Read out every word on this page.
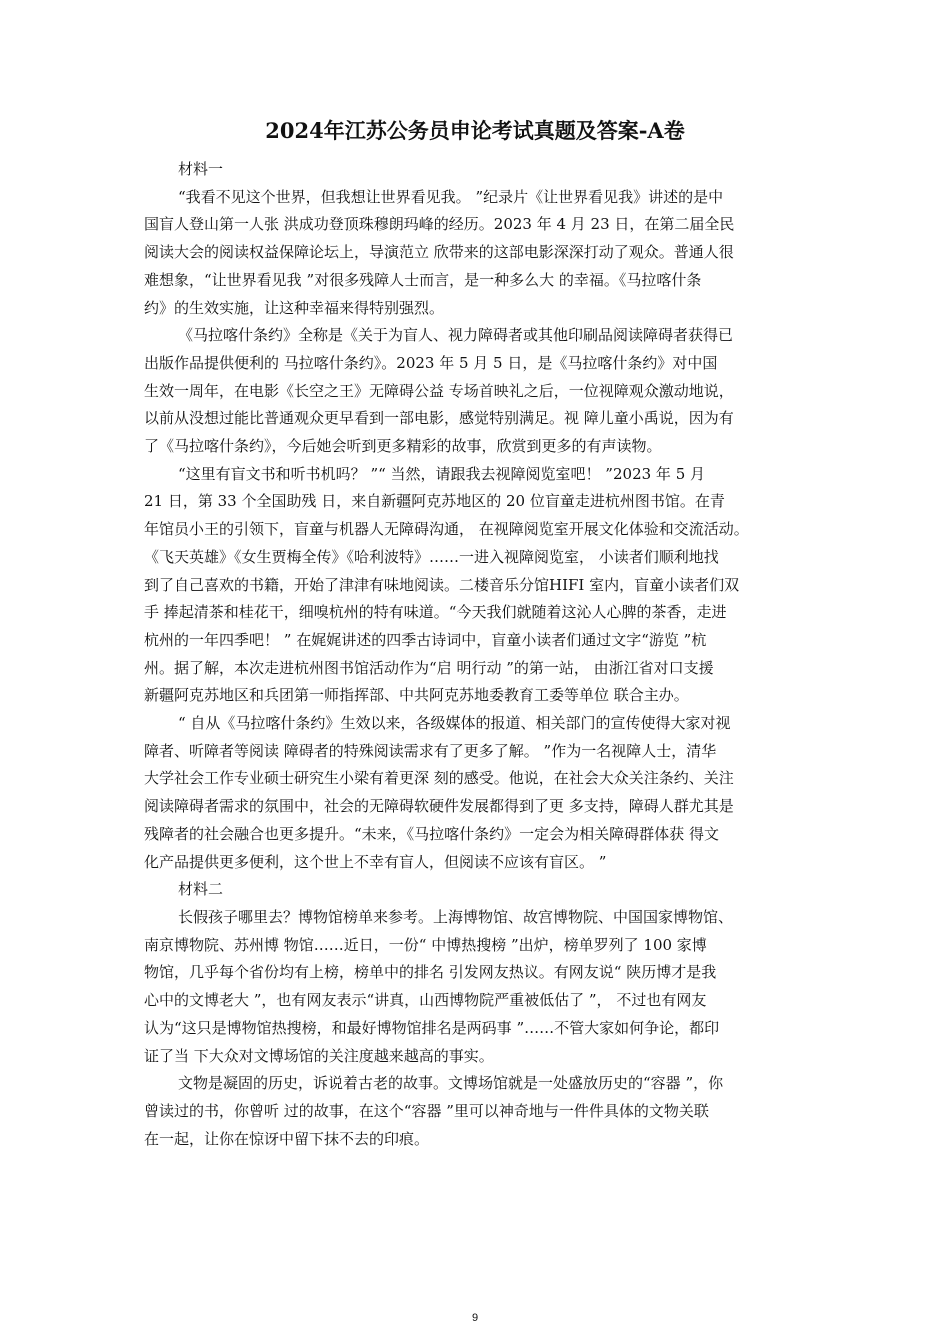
2024年江苏公务员申论考试真题及答案-A卷

材料一

“我看不见这个世界，但我想让世界看见我。 ”纪录片《让世界看见我》讲述的是中
国盲人登山第一人张 洪成功登顶珠穆朗玛峰的经历。2023 年 4 月 23 日，在第二届全民
阅读大会的阅读权益保障论坛上，导演范立 欣带来的这部电影深深打动了观众。普通人很
难想象，“让世界看见我 ”对很多残障人士而言，是一种多么大 的幸福。《马拉喀什条
约》的生效实施，让这种幸福来得特别强烈。

《马拉喀什条约》全称是《关于为盲人、视力障碍者或其他印刷品阅读障碍者获得已
出版作品提供便利的 马拉喀什条约》。2023 年 5 月 5 日，是《马拉喀什条约》对中国
生效一周年，在电影《长空之王》无障碍公益 专场首映礼之后，一位视障观众激动地说，
以前从没想过能比普通观众更早看到一部电影，感觉特别满足。视 障儿童小禹说，因为有
了《马拉喀什条约》，今后她会听到更多精彩的故事，欣赏到更多的有声读物。

“这里有盲文书和听书机吗？ ”“ 当然，请跟我去视障阅览室吧！ ”2023 年 5 月
21 日，第 33 个全国助残 日，来自新疆阿克苏地区的 20 位盲童走进杭州图书馆。在青
年馆员小王的引领下，盲童与机器人无障碍沟通， 在视障阅览室开展文化体验和交流活动。
《飞天英雄》《女生贾梅全传》《哈利波特》……一进入视障阅览室， 小读者们顺利地找
到了自己喜欢的书籍，开始了津津有味地阅读。二楼音乐分馆HIFI 室内，盲童小读者们双
手 捧起清茶和桂花干，细嗅杭州的特有味道。“今天我们就随着这沁人心脾的茶香，走进
杭州的一年四季吧！ ” 在娓娓讲述的四季古诗词中，盲童小读者们通过文字“游览 ”杭
州。据了解，本次走进杭州图书馆活动作为“启 明行动 ”的第一站， 由浙江省对口支援
新疆阿克苏地区和兵团第一师指挥部、中共阿克苏地委教育工委等单位 联合主办。

“ 自从《马拉喀什条约》生效以来，各级媒体的报道、相关部门的宣传使得大家对视
障者、听障者等阅读 障碍者的特殊阅读需求有了更多了解。 ”作为一名视障人士，清华
大学社会工作专业硕士研究生小梁有着更深 刻的感受。他说，在社会大众关注条约、关注
阅读障碍者需求的氛围中，社会的无障碍软硬件发展都得到了更 多支持，障碍人群尤其是
残障者的社会融合也更多提升。“未来，《马拉喀什条约》一定会为相关障碍群体获 得文
化产品提供更多便利，这个世上不幸有盲人，但阅读不应该有盲区。 ”

材料二

长假孩子哪里去？博物馆榜单来参考。上海博物馆、故宫博物院、中国国家博物馆、
南京博物院、苏州博 物馆……近日，一份“ 中博热搜榜 ”出炉，榜单罗列了 100 家博
物馆，几乎每个省份均有上榜，榜单中的排名 引发网友热议。有网友说“ 陕历博才是我
心中的文博老大 ”，也有网友表示“讲真，山西博物院严重被低估了 ”， 不过也有网友
认为“这只是博物馆热搜榜，和最好博物馆排名是两码事 ”……不管大家如何争论，都印
证了当 下大众对文博场馆的关注度越来越高的事实。

文物是凝固的历史，诉说着古老的故事。文博场馆就是一处盛放历史的“容器 ”，你
曾读过的书，你曾听 过的故事，在这个“容器 ”里可以神奇地与一件件具体的文物关联
在一起，让你在惊讶中留下抹不去的印痕。

9
